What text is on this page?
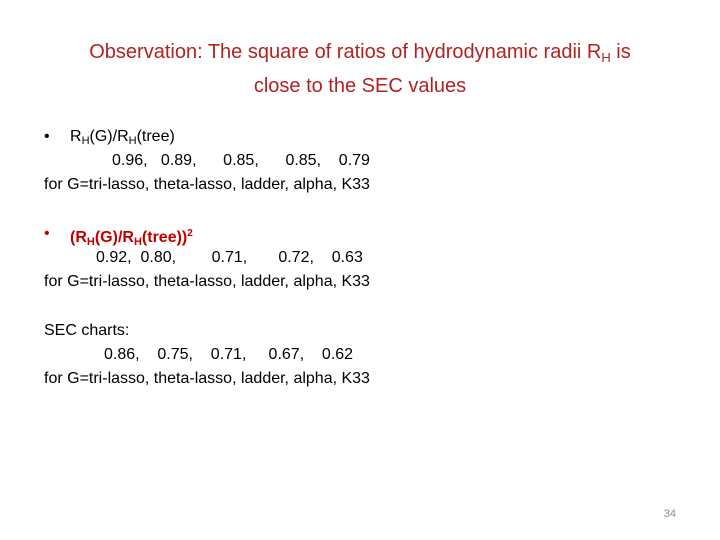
Observation: The square of ratios of hydrodynamic radii $R_H$ is
close to the SEC values
• $R_H(G)/R_H(tree)$
0.96,   0.89,      0.85,      0.85,    0.79
for G=tri-lasso, theta-lasso, ladder, alpha, K33
• $(R_H(G)/R_H(tree))^2$
0.92,  0.80,        0.71,       0.72,    0.63
for G=tri-lasso, theta-lasso, ladder, alpha, K33
SEC charts:
0.86,    0.75,    0.71,     0.67,    0.62
for G=tri-lasso, theta-lasso, ladder, alpha, K33
34
